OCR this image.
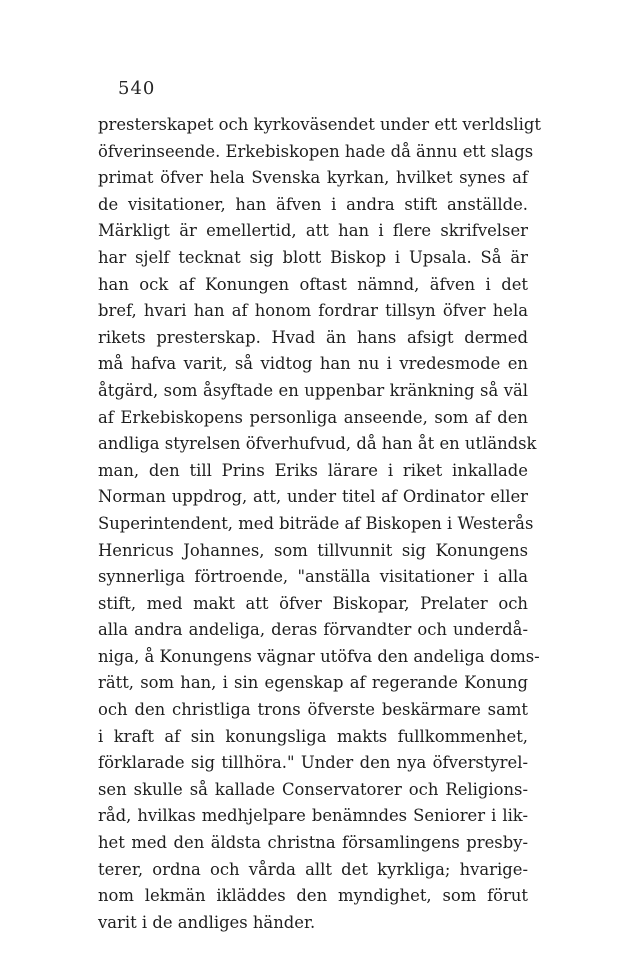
540
presterskapet och kyrkoväsendet under ett verldsligt
öfverinseende. Erkebiskopen hade då ännu ett slags
primat öfver hela Svenska kyrkan, hvilket synes af
de visitationer, han äfven i andra stift anställde.
Märkligt är emellertid, att han i flere skrifvelser
har sjelf tecknat sig blott Biskop i Upsala. Så är
han ock af Konungen oftast nämnd, äfven i det
bref, hvari han af honom fordrar tillsyn öfver hela
rikets presterskap. Hvad än hans afsigt dermed
må hafva varit, så vidtog han nu i vredesmode en
åtgärd, som åsyftade en uppenbar kränkning så väl
af Erkebiskopens personliga anseende, som af den
andliga styrelsen öfverhufvud, då han åt en utländsk
man, den till Prins Eriks lärare i riket inkallade
Norman uppdrog, att, under titel af Ordinator eller
Superintendent, med biträde af Biskopen i Westerås
Henricus Johannes, som tillvunnit sig Konungens
synnerliga förtroende, "anställa visitationer i alla
stift, med makt att öfver Biskopar, Prelater och
alla andra andeliga, deras förvandter och underdå-
niga, å Konungens vägnar utöfva den andeliga doms-
rätt, som han, i sin egenskap af regerande Konung
och den christliga trons öfverste beskärmare samt
i kraft af sin konungsliga makts fullkommenhet,
förklarade sig tillhöra." Under den nya öfverstyrel-
sen skulle så kallade Conservatorer och Religions-
råd, hvilkas medhjelpare benämndes Seniorer i lik-
het med den äldsta christna församlingens presby-
terer, ordna och vårda allt det kyrkliga; hvarige-
nom lekmän ikläddes den myndighet, som förut
varit i de andliges händer.
